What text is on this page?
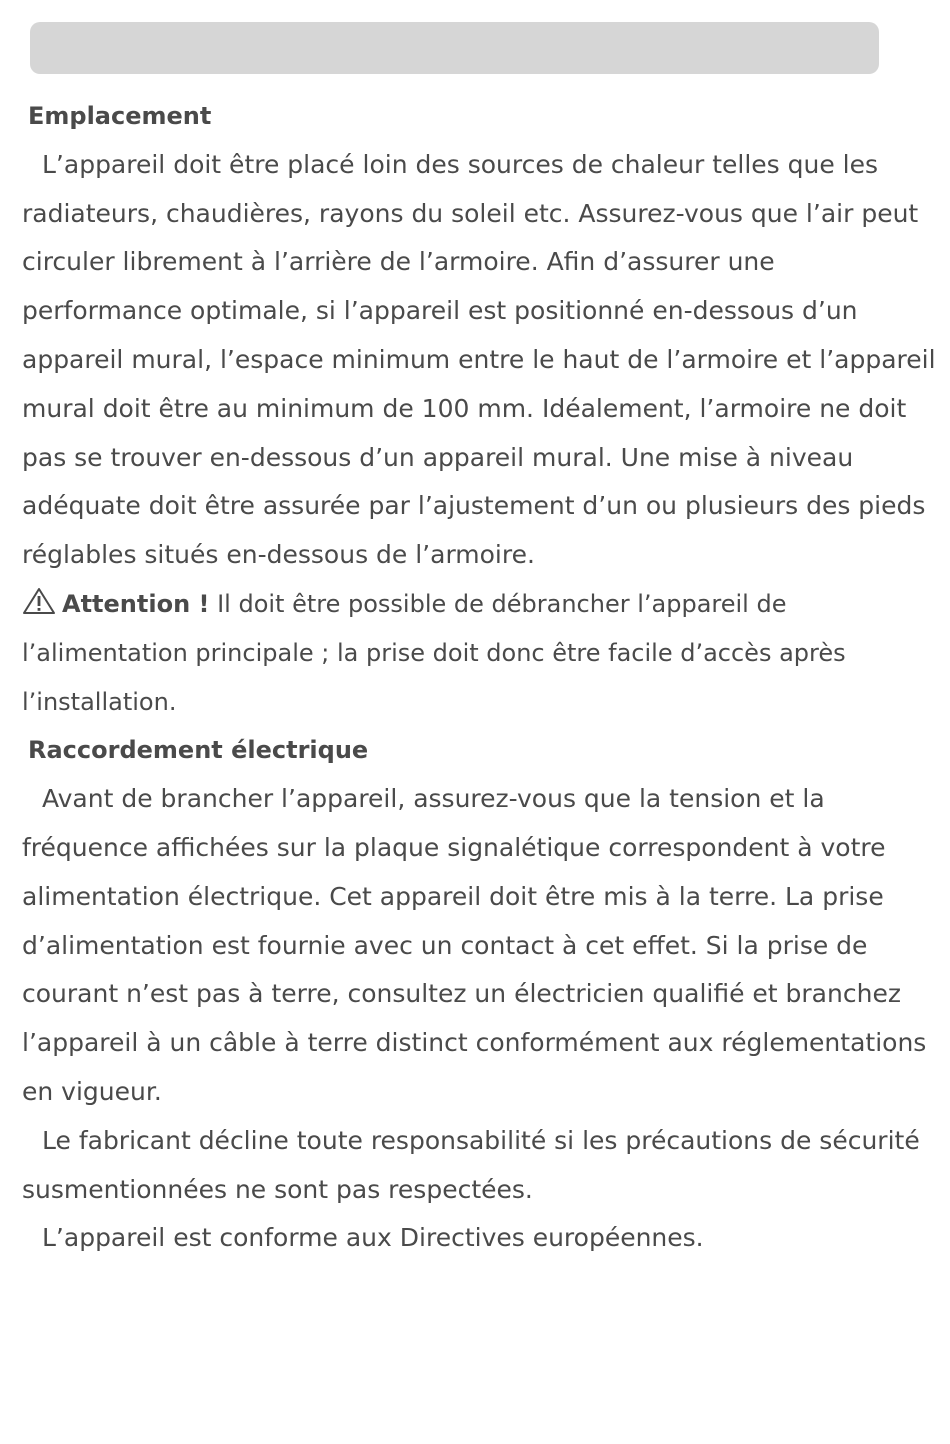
Emplacement

L’appareil doit être placé loin des sources de chaleur telles que les radiateurs, chaudières, rayons du soleil etc. Assurez-vous que l’air peut circuler librement à l’arrière de l’armoire. Afin d’assurer une performance optimale, si l’appareil est positionné en-dessous d’un appareil mural, l’espace minimum entre le haut de l’armoire et l’appareil mural doit être au minimum de 100 mm. Idéalement, l’armoire ne doit pas se trouver en-dessous d’un appareil mural. Une mise à niveau adéquate doit être assurée par l’ajustement d’un ou plusieurs des pieds réglables situés en-dessous de l’armoire.

Attention ! Il doit être possible de débrancher l’appareil de l’alimentation principale ; la prise doit donc être facile d’accès après l’installation.

Raccordement électrique

Avant de brancher l’appareil, assurez-vous que la tension et la fréquence affichées sur la plaque signalétique correspondent à votre alimentation électrique. Cet appareil doit être mis à la terre. La prise d’alimentation est fournie avec un contact à cet effet. Si la prise de courant n’est pas à terre, consultez un électricien qualifié et branchez l’appareil à un câble à terre distinct conformément aux réglementations en vigueur.

Le fabricant décline toute responsabilité si les précautions de sécurité susmentionnées ne sont pas respectées.

L’appareil est conforme aux Directives européennes.
